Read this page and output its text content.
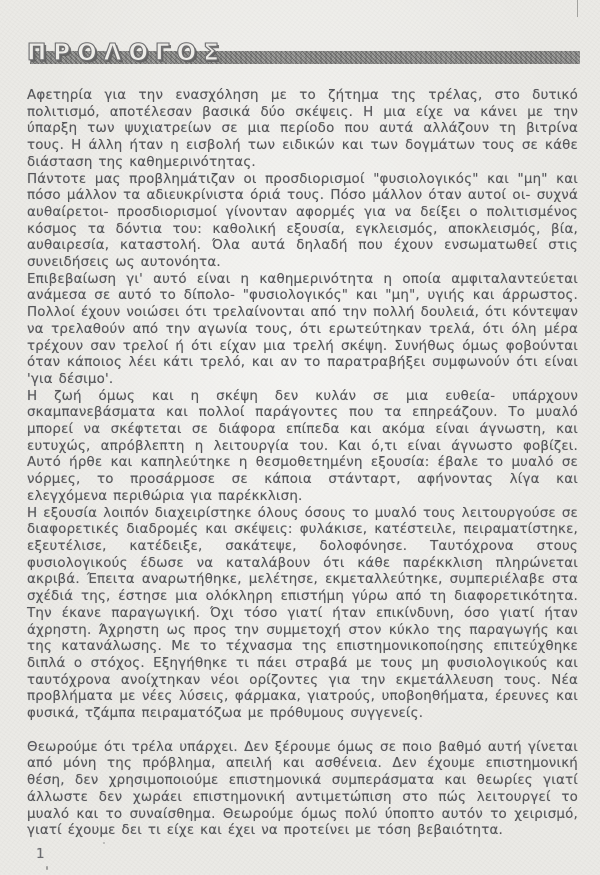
ΠΡΟΛΟΓΟΣ

Αφετηρία για την ενασχόληση με το ζήτημα της τρέλας, στο δυτικό πολιτισμό, αποτέλεσαν βασικά δύο σκέψεις. Η μια είχε να κάνει με την ύπαρξη των ψυχιατρείων σε μια περίοδο που αυτά αλλάζουν τη βιτρίνα τους. Η άλλη ήταν η εισβολή των ειδικών και των δογμάτων τους σε κάθε διάσταση της καθημερινότητας.

Πάντοτε μας προβλημάτιζαν οι προσδιορισμοί "φυσιολογικός" και "μη" και πόσο μάλλον τα αδιευκρίνιστα όριά τους. Πόσο μάλλον όταν αυτοί οι- συχνά αυθαίρετοι- προσδιορισμοί γίνονταν αφορμές για να δείξει ο πολιτισμένος κόσμος τα δόντια του: καθολική εξουσία, εγκλεισμός, αποκλεισμός, βία, αυθαιρεσία, καταστολή. Όλα αυτά δηλαδή που έχουν ενσωματωθεί στις συνειδήσεις ως αυτονόητα.

Επιβεβαίωση γι' αυτό είναι η καθημερινότητα η οποία αμφιταλαντεύεται ανάμεσα σε αυτό το δίπολο- "φυσιολογικός" και "μη", υγιής και άρρωστος. Πολλοί έχουν νοιώσει ότι τρελαίνονται από την πολλή δουλειά, ότι κόντεψαν να τρελαθούν από την αγωνία τους, ότι ερωτεύτηκαν τρελά, ότι όλη μέρα τρέχουν σαν τρελοί ή ότι είχαν μια τρελή σκέψη. Συνήθως όμως φοβούνται όταν κάποιος λέει κάτι τρελό, και αν το παρατραβήξει συμφωνούν ότι είναι 'για δέσιμο'.

Η ζωή όμως και η σκέψη δεν κυλάν σε μια ευθεία- υπάρχουν σκαμπανεβάσματα και πολλοί παράγοντες που τα επηρεάζουν. Το μυαλό μπορεί να σκέφτεται σε διάφορα επίπεδα και ακόμα είναι άγνωστη, και ευτυχώς, απρόβλεπτη η λειτουργία του. Και ό,τι είναι άγνωστο φοβίζει. Αυτό ήρθε και καπηλεύτηκε η θεσμοθετημένη εξουσία: έβαλε το μυαλό σε νόρμες, το προσάρμοσε σε κάποια στάνταρτ, αφήνοντας λίγα και ελεγχόμενα περιθώρια για παρέκκλιση.

Η εξουσία λοιπόν διαχειρίστηκε όλους όσους το μυαλό τους λειτουργούσε σε διαφορετικές διαδρομές και σκέψεις: φυλάκισε, κατέστειλε, πειραματίστηκε, εξευτέλισε, κατέδειξε, σακάτεψε, δολοφόνησε. Ταυτόχρονα στους φυσιολογικούς έδωσε να καταλάβουν ότι κάθε παρέκκλιση πληρώνεται ακριβά. Έπειτα αναρωτήθηκε, μελέτησε, εκμεταλλεύτηκε, συμπεριέλαβε στα σχέδιά της, έστησε μια ολόκληρη επιστήμη γύρω από τη διαφορετικότητα. Την έκανε παραγωγική. Όχι τόσο γιατί ήταν επικίνδυνη, όσο γιατί ήταν άχρηστη. Άχρηστη ως προς την συμμετοχή στον κύκλο της παραγωγής και της κατανάλωσης. Με το τέχνασμα της επιστημονικοποίησης επιτεύχθηκε διπλά ο στόχος. Εξηγήθηκε τι πάει στραβά με τους μη φυσιολογικούς και ταυτόχρονα ανοίχτηκαν νέοι ορίζοντες για την εκμετάλλευση τους. Νέα προβλήματα με νέες λύσεις, φάρμακα, γιατρούς, υποβοηθήματα, έρευνες και φυσικά, τζάμπα πειραματόζωα με πρόθυμους συγγενείς.

Θεωρούμε ότι τρέλα υπάρχει. Δεν ξέρουμε όμως σε ποιο βαθμό αυτή γίνεται από μόνη της πρόβλημα, απειλή και ασθένεια. Δεν έχουμε επιστημονική θέση, δεν χρησιμοποιούμε επιστημονικά συμπεράσματα και θεωρίες γιατί άλλωστε δεν χωράει επιστημονική αντιμετώπιση στο πώς λειτουργεί το μυαλό και το συναίσθημα. Θεωρούμε όμως πολύ ύποπτο αυτόν το χειρισμό, γιατί έχουμε δει τι είχε και έχει να προτείνει με τόση βεβαιότητα.

1
